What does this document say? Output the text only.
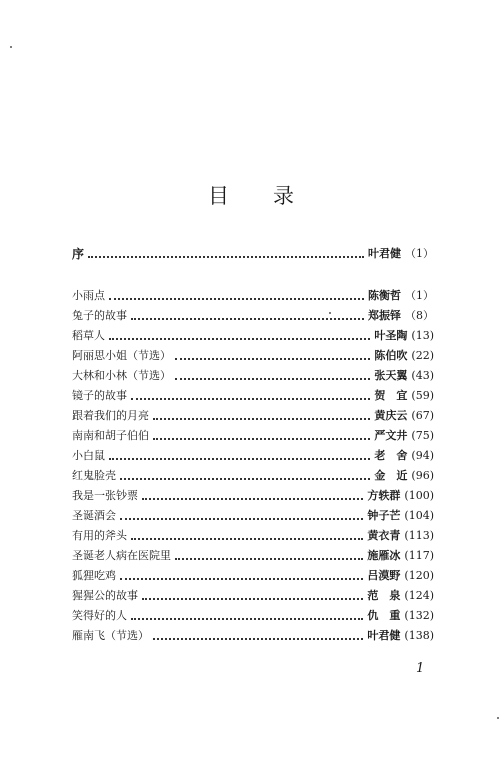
目 录
序	叶君健 （1）
小雨点	陈衡哲 （1）
兔子的故事	郑振铎 （8）
稻草人	叶圣陶 (13)
阿丽思小姐（节选）	陈伯吹 (22)
大林和小林（节选）	张天翼 (43)
镜子的故事	贺　宜 (59)
跟着我们的月亮	黄庆云 (67)
南南和胡子伯伯	严文井 (75)
小白鼠	老　舍 (94)
红鬼脸壳	金　近 (96)
我是一张钞票	方轶群 (100)
圣诞酒会	钟子芒 (104)
有用的斧头	黄衣青 (113)
圣诞老人病在医院里	施雁冰 (117)
狐狸吃鸡	吕漠野 (120)
猩猩公的故事	范　泉 (124)
笑得好的人	仇　重 (132)
雁南飞（节选）	叶君健 (138)
1
